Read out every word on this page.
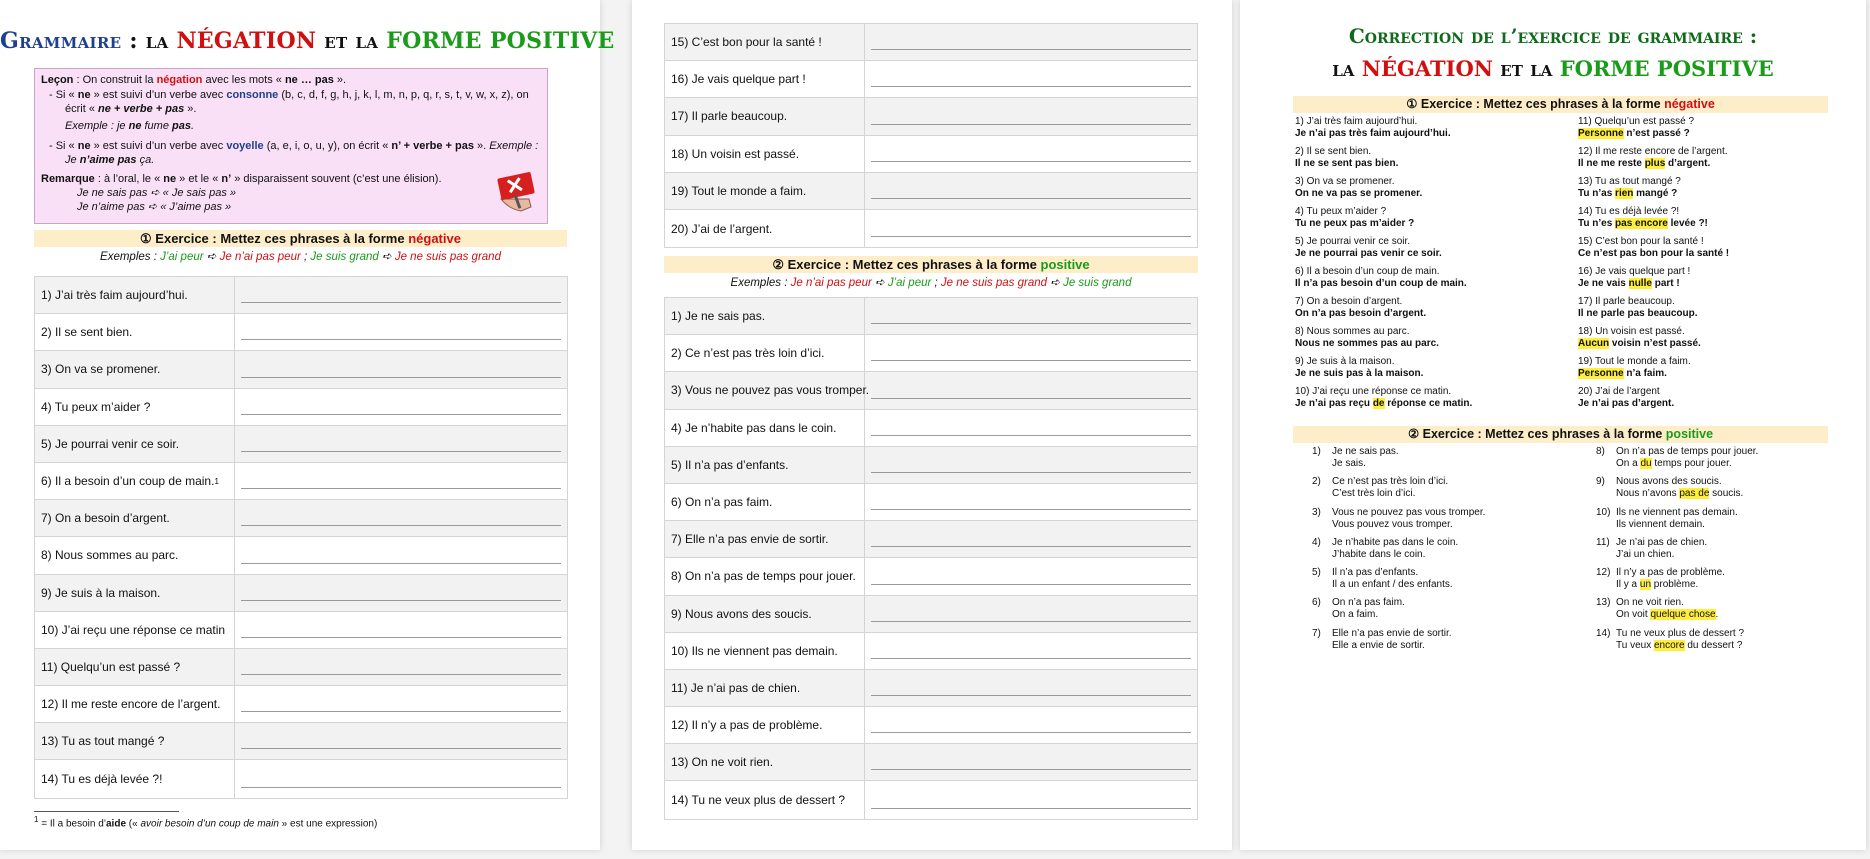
Grammaire : la NÉGATION et la FORME POSITIVE
Leçon : On construit la négation avec les mots « ne … pas ».
- Si « ne » est suivi d’un verbe avec consonne (b, c, d, f, g, h, j, k, l, m, n, p, q, r, s, t, v, w, x, z), on
écrit « ne + verbe + pas ».
Exemple : je ne fume pas.
- Si « ne » est suivi d’un verbe avec voyelle (a, e, i, o, u, y), on écrit « n’ + verbe + pas ». Exemple :
Je n’aime pas ça.
Remarque : à l’oral, le « ne » et le « n’ » disparaissent souvent (c’est une élision).
Je ne sais pas ➪ « Je sais pas »
Je n’aime pas ➪ « J’aime pas »
① Exercice : Mettez ces phrases à la forme négative
Exemples : J’ai peur ➪ Je n’ai pas peur ; Je suis grand ➪ Je ne suis pas grand
1) J’ai très faim aujourd’hui.
2) Il se sent bien.
3) On va se promener.
4) Tu peux m’aider ?
5) Je pourrai venir ce soir.
6) Il a besoin d’un coup de main. 1
7) On a besoin d’argent.
8) Nous sommes au parc.
9) Je suis à la maison.
10) J’ai reçu une réponse ce matin
11) Quelqu’un est passé ?
12) Il me reste encore de l’argent.
13) Tu as tout mangé ?
14) Tu es déjà levée ?!
$^1$ = Il a besoin d’aide (« avoir besoin d’un coup de main » est une expression)
15) C’est bon pour la santé !
16) Je vais quelque part !
17) Il parle beaucoup.
18) Un voisin est passé.
19) Tout le monde a faim.
20) J’ai de l’argent.
② Exercice : Mettez ces phrases à la forme positive
Exemples : Je n’ai pas peur ➪ J’ai peur ; Je ne suis pas grand ➪ Je suis grand
1) Je ne sais pas.
2) Ce n’est pas très loin d’ici.
3) Vous ne pouvez pas vous tromper.
4) Je n’habite pas dans le coin.
5) Il n’a pas d’enfants.
6) On n’a pas faim.
7) Elle n’a pas envie de sortir.
8) On n’a pas de temps pour jouer.
9) Nous avons des soucis.
10) Ils ne viennent pas demain.
11) Je n’ai pas de chien.
12) Il n’y a pas de problème.
13) On ne voit rien.
14) Tu ne veux plus de dessert ?
Correction de l’exercice de grammaire :
la NÉGATION et la FORME POSITIVE
① Exercice : Mettez ces phrases à la forme négative
1) J’ai très faim aujourd’hui.
Je n’ai pas très faim aujourd’hui.
2) Il se sent bien.
Il ne se sent pas bien.
3) On va se promener.
On ne va pas se promener.
4) Tu peux m’aider ?
Tu ne peux pas m’aider ?
5) Je pourrai venir ce soir.
Je ne pourrai pas venir ce soir.
6) Il a besoin d’un coup de main.
Il n’a pas besoin d’un coup de main.
7) On a besoin d’argent.
On n’a pas besoin d’argent.
8) Nous sommes au parc.
Nous ne sommes pas au parc.
9) Je suis à la maison.
Je ne suis pas à la maison.
10) J’ai reçu une réponse ce matin.
Je n’ai pas reçu de réponse ce matin.
11) Quelqu’un est passé ?
Personne n’est passé ?
12) Il me reste encore de l’argent.
Il ne me reste plus d’argent.
13) Tu as tout mangé ?
Tu n’as rien mangé ?
14) Tu es déjà levée ?!
Tu n’es pas encore levée ?!
15) C’est bon pour la santé !
Ce n’est pas bon pour la santé !
16) Je vais quelque part !
Je ne vais nulle part !
17) Il parle beaucoup.
Il ne parle pas beaucoup.
18) Un voisin est passé.
Aucun voisin n’est passé.
19) Tout le monde a faim.
Personne n’a faim.
20) J’ai de l’argent
Je n’ai pas d’argent.
② Exercice : Mettez ces phrases à la forme positive
1)	Je ne sais pas.
Je sais.
2)	Ce n’est pas très loin d’ici.
C’est très loin d’ici.
3)	Vous ne pouvez pas vous tromper.
Vous pouvez vous tromper.
4)	Je n’habite pas dans le coin.
J’habite dans le coin.
5)	Il n’a pas d’enfants.
Il a un enfant / des enfants.
6)	On n’a pas faim.
On a faim.
7)	Elle n’a pas envie de sortir.
Elle a envie de sortir.
8)	On n’a pas de temps pour jouer.
On a du temps pour jouer.
9)	Nous avons des soucis.
Nous n’avons pas de soucis.
10) Ils ne viennent pas demain.
Ils viennent demain.
11) Je n’ai pas de chien.
J’ai un chien.
12) Il n’y a pas de problème.
Il y a un problème.
13) On ne voit rien.
On voit quelque chose.
14) Tu ne veux plus de dessert ?
Tu veux encore du dessert ?
